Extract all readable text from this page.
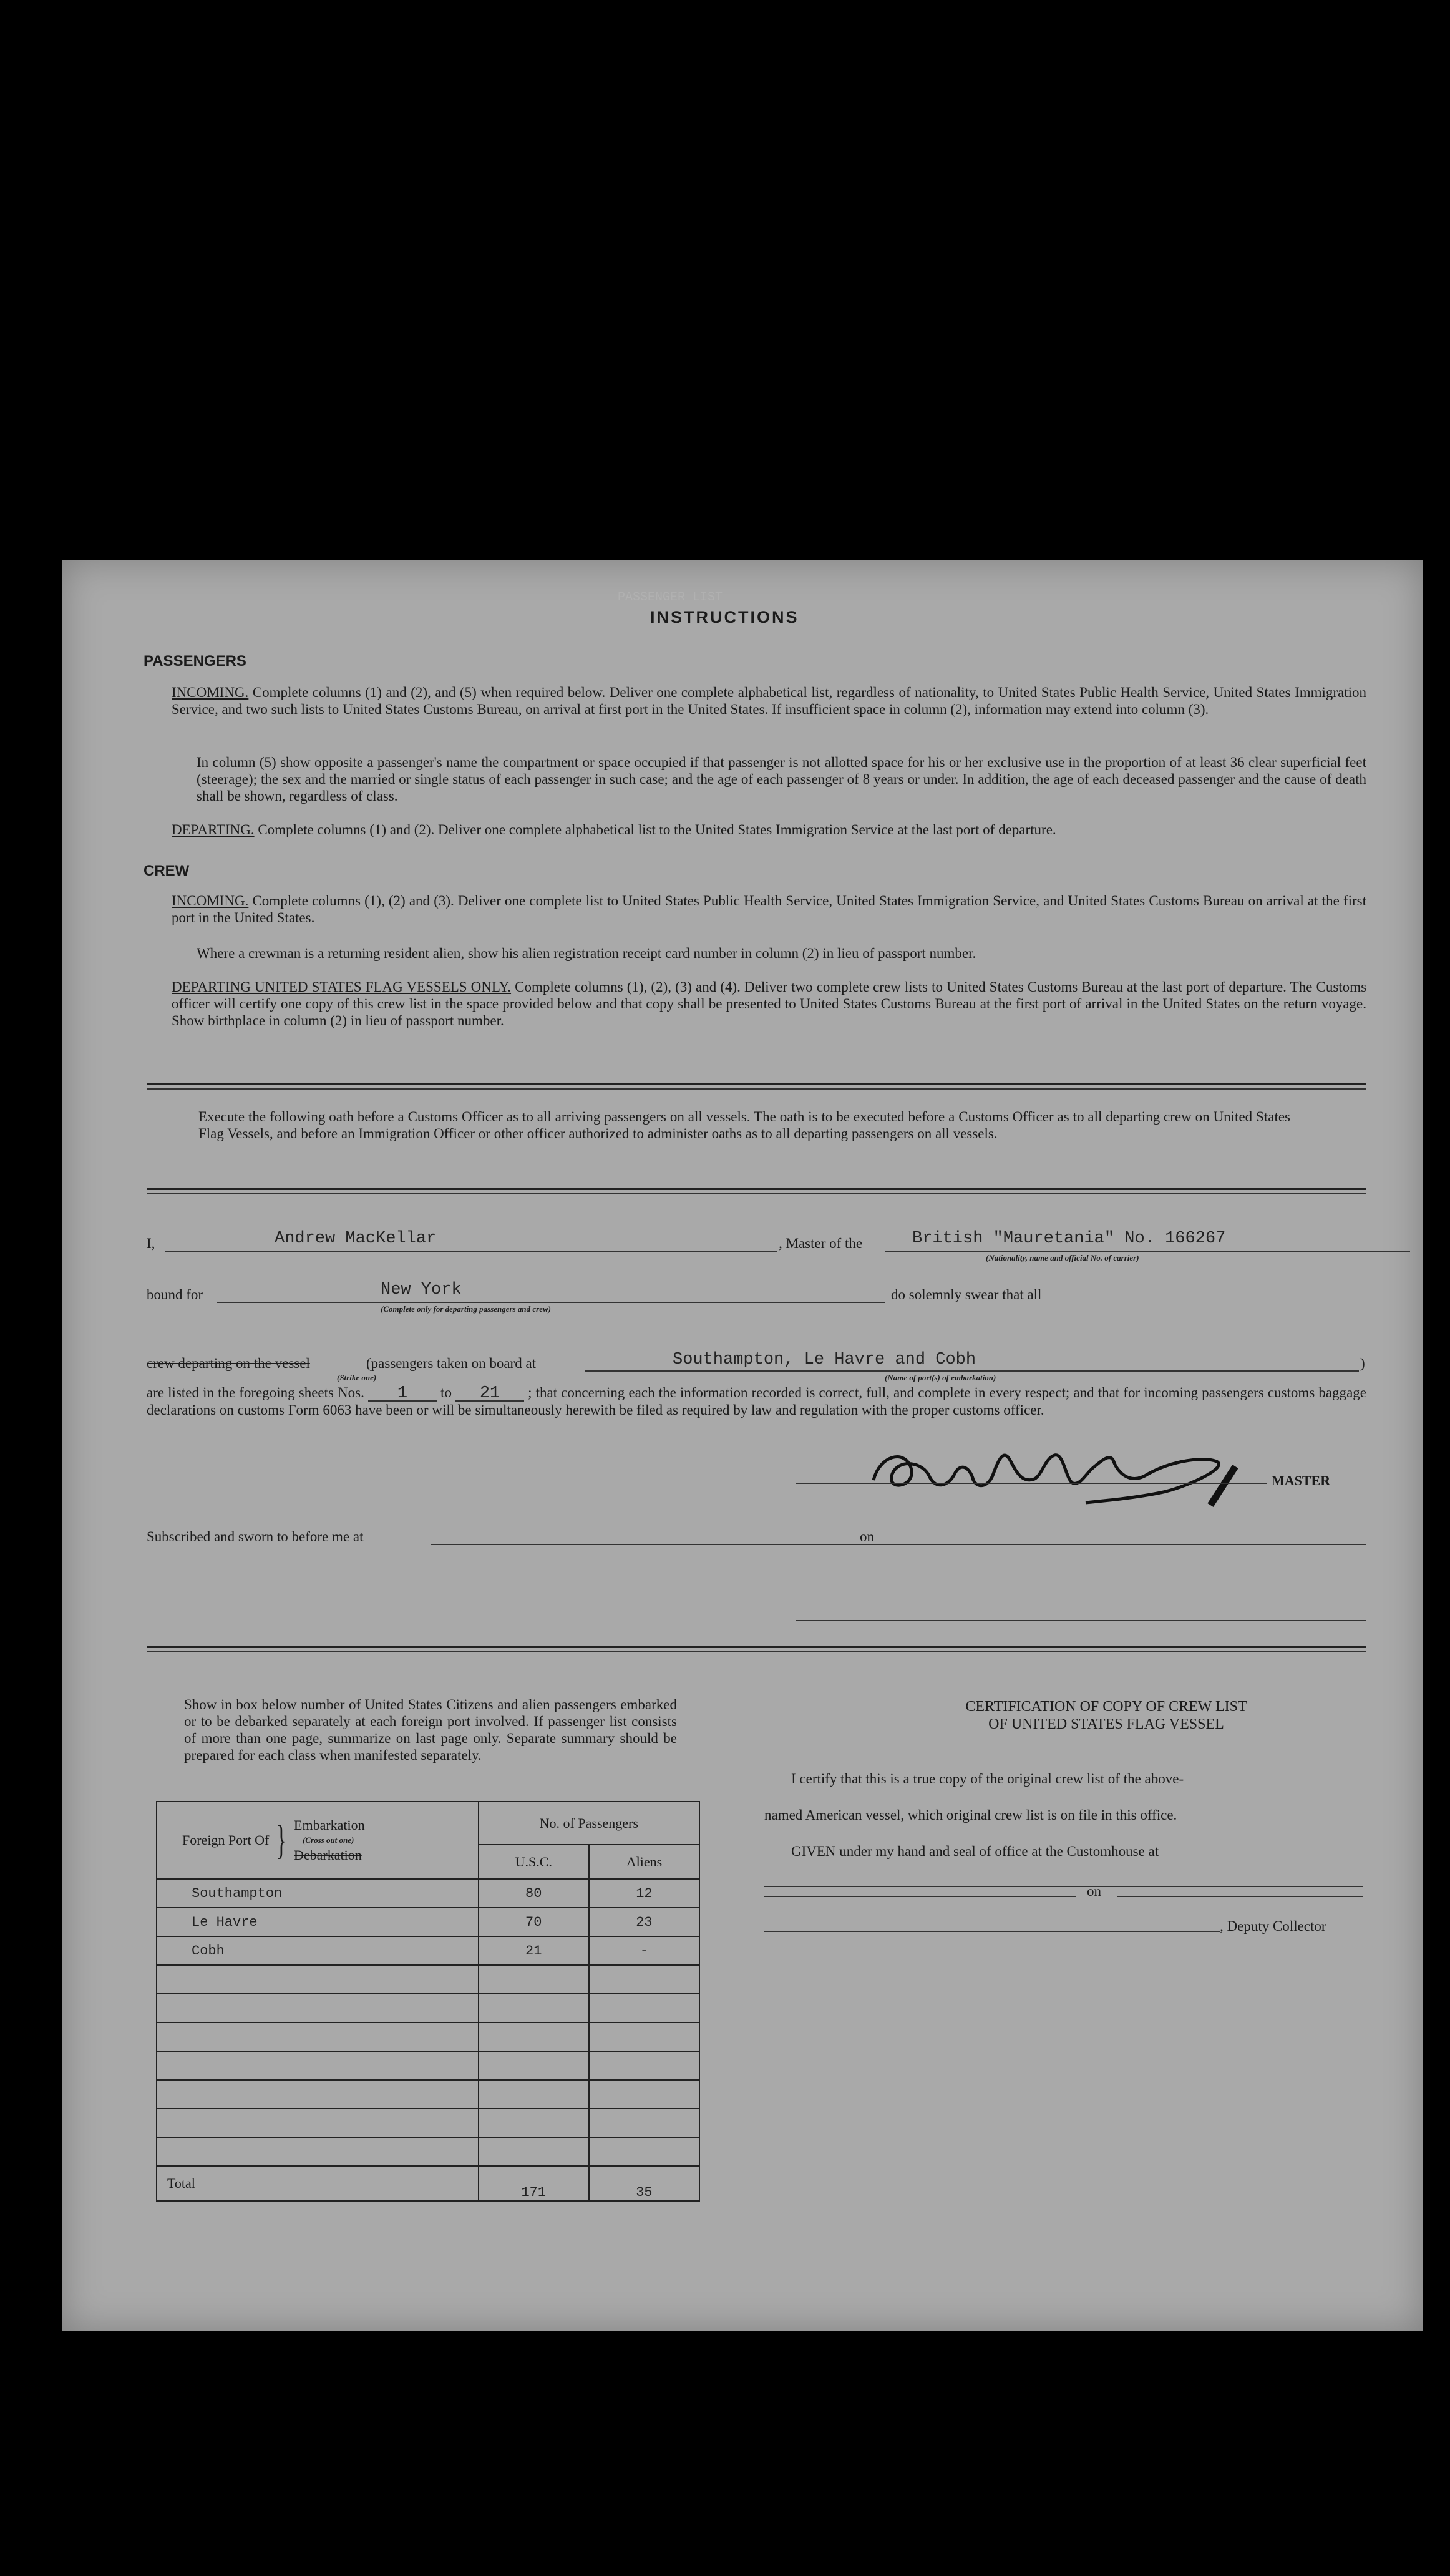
PASSENGER LIST
INSTRUCTIONS
PASSENGERS
INCOMING. Complete columns (1) and (2), and (5) when required below. Deliver one complete alphabetical list, regardless of nationality, to United States Public Health Service, United States Immigration Service, and two such lists to United States Customs Bureau, on arrival at first port in the United States. If insufficient space in column (2), information may extend into column (3).
In column (5) show opposite a passenger's name the compartment or space occupied if that passenger is not allotted space for his or her exclusive use in the proportion of at least 36 clear superficial feet (steerage); the sex and the married or single status of each passenger in such case; and the age of each passenger of 8 years or under. In addition, the age of each deceased passenger and the cause of death shall be shown, regardless of class.
DEPARTING. Complete columns (1) and (2). Deliver one complete alphabetical list to the United States Immigration Service at the last port of departure.
CREW
INCOMING. Complete columns (1), (2) and (3). Deliver one complete list to United States Public Health Service, United States Immigration Service, and United States Customs Bureau on arrival at the first port in the United States.
Where a crewman is a returning resident alien, show his alien registration receipt card number in column (2) in lieu of passport number.
DEPARTING UNITED STATES FLAG VESSELS ONLY. Complete columns (1), (2), (3) and (4). Deliver two complete crew lists to United States Customs Bureau at the last port of departure. The Customs officer will certify one copy of this crew list in the space provided below and that copy shall be presented to United States Customs Bureau at the first port of arrival in the United States on the return voyage. Show birthplace in column (2) in lieu of passport number.
Execute the following oath before a Customs Officer as to all arriving passengers on all vessels. The oath is to be executed before a Customs Officer as to all departing crew on United States Flag Vessels, and before an Immigration Officer or other officer authorized to administer oaths as to all departing passengers on all vessels.
I,	Andrew MacKellar	, Master of the	British "Mauretania" No. 166267
(Nationality, name and official No. of carrier)
bound for	New York
(Complete only for departing passengers and crew)
do solemnly swear that all
crew departing on the vessel
(Strike one)
(passengers taken on board at	Southampton, Le Havre and Cobh
(Name of port(s) of embarkation)
)
are listed in the foregoing sheets Nos. 1 to 21 ; that concerning each the information recorded is correct, full, and complete in every respect; and that for incoming passengers customs baggage declarations on customs Form 6063 have been or will be simultaneously herewith be filed as required by law and regulation with the proper customs officer.
MASTER
Subscribed and sworn to before me at	on
Show in box below number of United States Citizens and alien passengers embarked or to be debarked separately at each foreign port involved. If passenger list consists of more than one page, summarize on last page only. Separate summary should be prepared for each class when manifested separately.
Foreign Port Of } Embarkation
(Cross out one)
Debarkation	No. of Passengers	
	U.S.C.	Aliens
Southampton	80	12
Le Havre	70	23
Cobh	21	-

Total	171	35
CERTIFICATION OF COPY OF CREW LIST
OF UNITED STATES FLAG VESSEL
I certify that this is a true copy of the original crew list of the above-
named American vessel, which original crew list is on file in this office.
GIVEN under my hand and seal of office at the Customhouse at
on
, Deputy Collector
